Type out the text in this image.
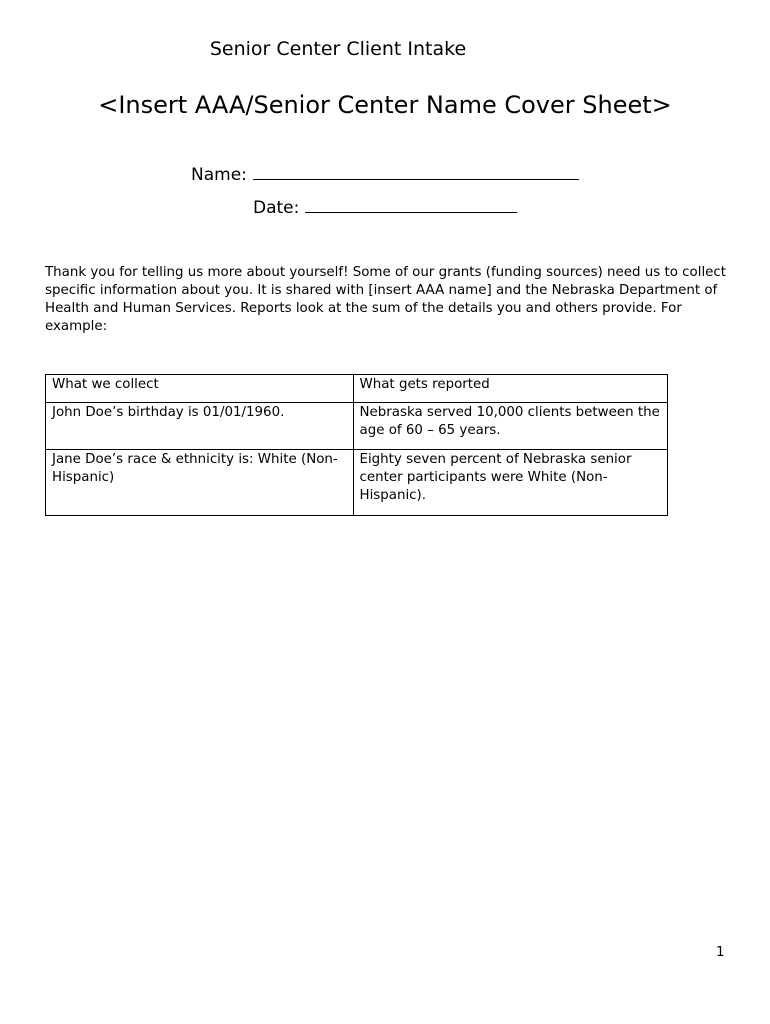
Senior Center Client Intake
<Insert AAA/Senior Center Name Cover Sheet>
Name:
Date:

Thank you for telling us more about yourself! Some of our grants (funding sources) need us to collect specific information about you. It is shared with [insert AAA name] and the Nebraska Department of Health and Human Services. Reports look at the sum of the details you and others provide. For example:

What we collect	What gets reported
John Doe’s birthday is 01/01/1960.	Nebraska served 10,000 clients between the age of 60 – 65 years.
Jane Doe’s race & ethnicity is: White (Non-Hispanic)	Eighty seven percent of Nebraska senior center participants were White (Non-Hispanic).
1
